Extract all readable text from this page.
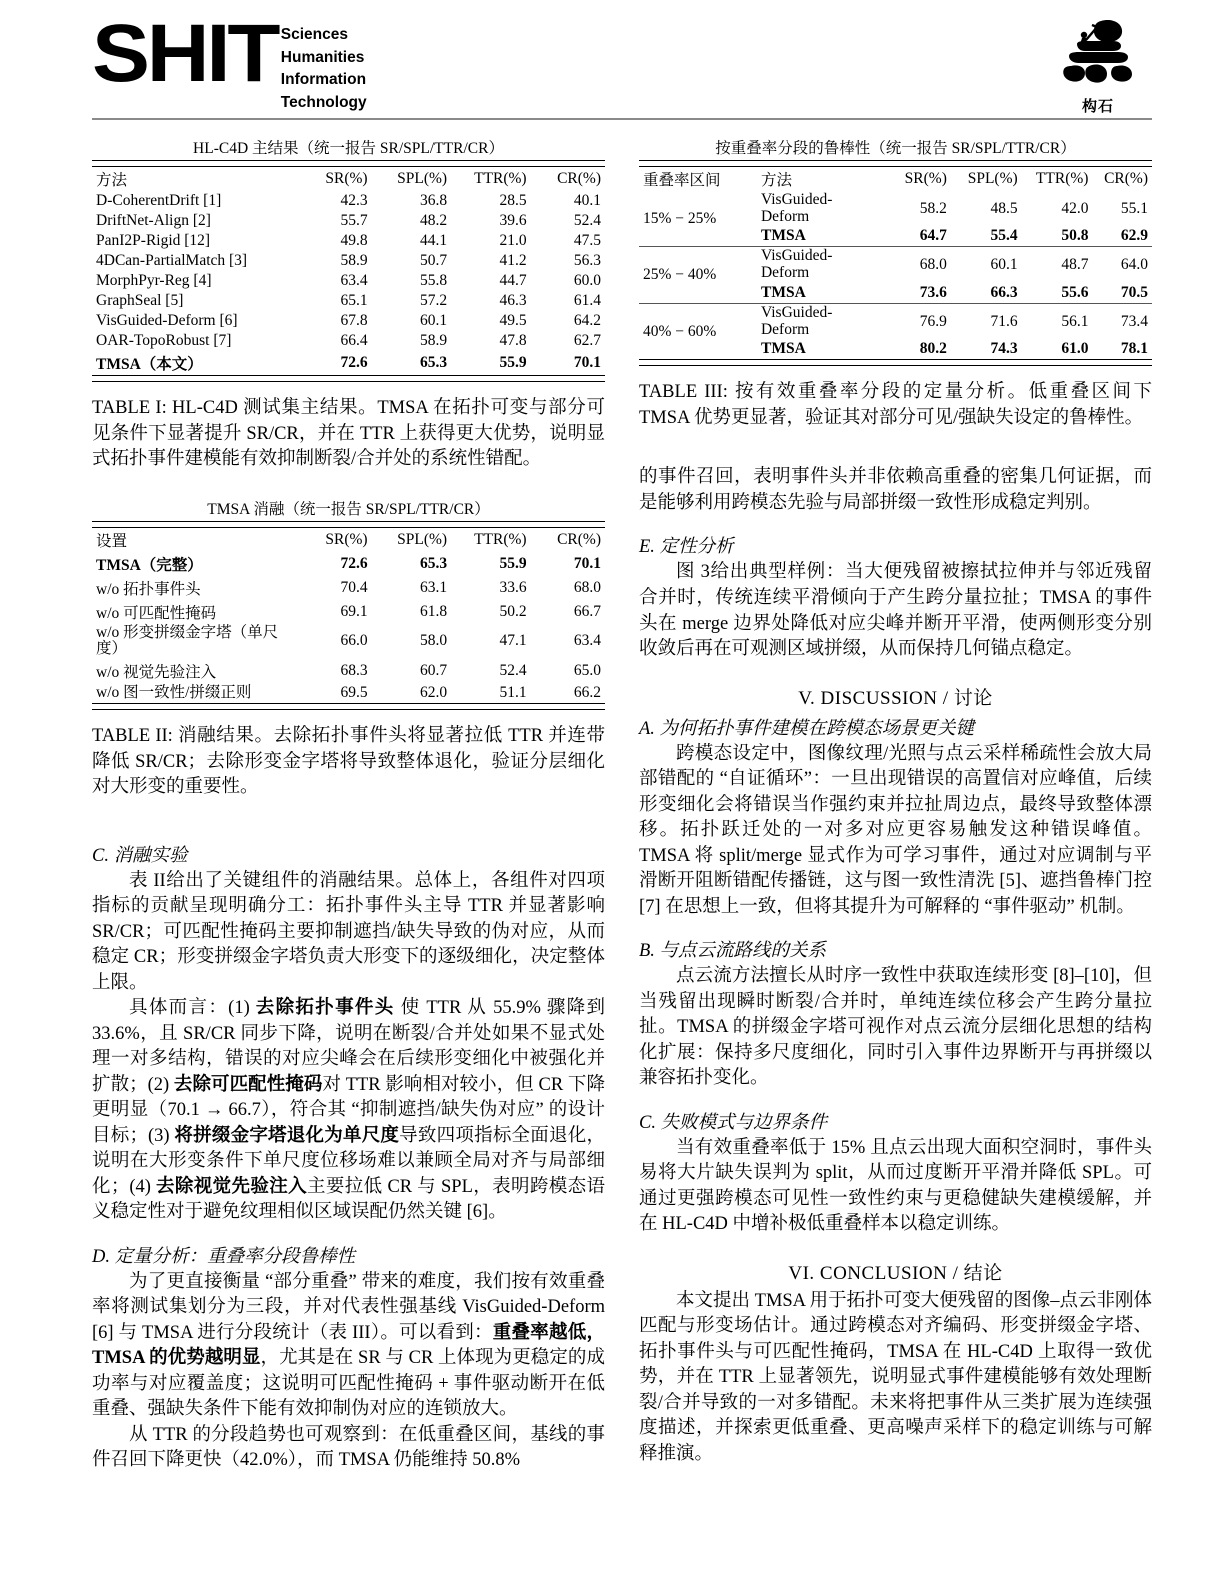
SHIT Sciences
Humanities
Information
Technology	构石
HL-C4D 主结果（统一报告 SR/SPL/TTR/CR）

方法	SR(%)	SPL(%)	TTR(%)	CR(%)
D-CoherentDrift [1]	42.3	36.8	28.5	40.1
DriftNet-Align [2]	55.7	48.2	39.6	52.4
PanI2P-Rigid [12]	49.8	44.1	21.0	47.5
4DCan-PartialMatch [3]	58.9	50.7	41.2	56.3
MorphPyr-Reg [4]	63.4	55.8	44.7	60.0
GraphSeal [5]	65.1	57.2	46.3	61.4
VisGuided-Deform [6]	67.8	60.1	49.5	64.2
OAR-TopoRobust [7]	66.4	58.9	47.8	62.7
TMSA（本文）	72.6	65.3	55.9	70.1

TABLE I: HL-C4D 测试集主结果。TMSA 在拓扑可变与部分可见条件下显著提升 SR/CR，并在 TTR 上获得更大优势，说明显式拓扑事件建模能有效抑制断裂/合并处的系统性错配。

TMSA 消融（统一报告 SR/SPL/TTR/CR）

设置	SR(%)	SPL(%)	TTR(%)	CR(%)
TMSA（完整）	72.6	65.3	55.9	70.1
w/o 拓扑事件头	70.4	63.1	33.6	68.0
w/o 可匹配性掩码	69.1	61.8	50.2	66.7
w/o 形变拼缀金字塔（单尺度）	66.0	58.0	47.1	63.4
w/o 视觉先验注入	68.3	60.7	52.4	65.0
w/o 图一致性/拼缀正则	69.5	62.0	51.1	66.2

TABLE II: 消融结果。去除拓扑事件头将显著拉低 TTR 并连带降低 SR/CR；去除形变金字塔将导致整体退化，验证分层细化对大形变的重要性。

C. 消融实验

表 II给出了关键组件的消融结果。总体上，各组件对四项指标的贡献呈现明确分工：拓扑事件头主导 TTR 并显著影响 SR/CR；可匹配性掩码主要抑制遮挡/缺失导致的伪对应，从而稳定 CR；形变拼缀金字塔负责大形变下的逐级细化，决定整体上限。

具体而言：(1) 去除拓扑事件头 使 TTR 从 55.9% 骤降到 33.6%，且 SR/CR 同步下降，说明在断裂/合并处如果不显式处理一对多结构，错误的对应尖峰会在后续形变细化中被强化并扩散；(2) 去除可匹配性掩码对 TTR 影响相对较小，但 CR 下降更明显（70.1 → 66.7），符合其 “抑制遮挡/缺失伪对应” 的设计目标；(3) 将拼缀金字塔退化为单尺度导致四项指标全面退化，说明在大形变条件下单尺度位移场难以兼顾全局对齐与局部细化；(4) 去除视觉先验注入主要拉低 CR 与 SPL，表明跨模态语义稳定性对于避免纹理相似区域误配仍然关键 [6]。

D. 定量分析：重叠率分段鲁棒性

为了更直接衡量 “部分重叠” 带来的难度，我们按有效重叠率将测试集划分为三段，并对代表性强基线 VisGuided-Deform [6] 与 TMSA 进行分段统计（表 III）。可以看到：重叠率越低，TMSA 的优势越明显，尤其是在 SR 与 CR 上体现为更稳定的成功率与对应覆盖度；这说明可匹配性掩码 + 事件驱动断开在低重叠、强缺失条件下能有效抑制伪对应的连锁放大。

从 TTR 的分段趋势也可观察到：在低重叠区间，基线的事件召回下降更快（42.0%），而 TMSA 仍能维持 50.8%

按重叠率分段的鲁棒性（统一报告 SR/SPL/TTR/CR）

重叠率区间	方法	SR(%)	SPL(%)	TTR(%)	CR(%)
15% − 25%	VisGuided-Deform	58.2	48.5	42.0	55.1
	TMSA	64.7	55.4	50.8	62.9
25% − 40%	VisGuided-Deform	68.0	60.1	48.7	64.0
	TMSA	73.6	66.3	55.6	70.5
40% − 60%	VisGuided-Deform	76.9	71.6	56.1	73.4
	TMSA	80.2	74.3	61.0	78.1

TABLE III: 按有效重叠率分段的定量分析。低重叠区间下 TMSA 优势更显著，验证其对部分可见/强缺失设定的鲁棒性。

的事件召回，表明事件头并非依赖高重叠的密集几何证据，而是能够利用跨模态先验与局部拼缀一致性形成稳定判别。

E. 定性分析

图 3给出典型样例：当大便残留被擦拭拉伸并与邻近残留合并时，传统连续平滑倾向于产生跨分量拉扯；TMSA 的事件头在 merge 边界处降低对应尖峰并断开平滑，使两侧形变分别收敛后再在可观测区域拼缀，从而保持几何锚点稳定。

V. DISCUSSION / 讨论
A. 为何拓扑事件建模在跨模态场景更关键

跨模态设定中，图像纹理/光照与点云采样稀疏性会放大局部错配的 “自证循环”：一旦出现错误的高置信对应峰值，后续形变细化会将错误当作强约束并拉扯周边点，最终导致整体漂移。拓扑跃迁处的一对多对应更容易触发这种错误峰值。TMSA 将 split/merge 显式作为可学习事件，通过对应调制与平滑断开阻断错配传播链，这与图一致性清洗 [5]、遮挡鲁棒门控 [7] 在思想上一致，但将其提升为可解释的 “事件驱动” 机制。

B. 与点云流路线的关系

点云流方法擅长从时序一致性中获取连续形变 [8]–[10]，但当残留出现瞬时断裂/合并时，单纯连续位移会产生跨分量拉扯。TMSA 的拼缀金字塔可视作对点云流分层细化思想的结构化扩展：保持多尺度细化，同时引入事件边界断开与再拼缀以兼容拓扑变化。

C. 失败模式与边界条件

当有效重叠率低于 15% 且点云出现大面积空洞时，事件头易将大片缺失误判为 split，从而过度断开平滑并降低 SPL。可通过更强跨模态可见性一致性约束与更稳健缺失建模缓解，并在 HL-C4D 中增补极低重叠样本以稳定训练。

VI. CONCLUSION / 结论

本文提出 TMSA 用于拓扑可变大便残留的图像–点云非刚体匹配与形变场估计。通过跨模态对齐编码、形变拼缀金字塔、拓扑事件头与可匹配性掩码，TMSA 在 HL-C4D 上取得一致优势，并在 TTR 上显著领先，说明显式事件建模能够有效处理断裂/合并导致的一对多错配。未来将把事件从三类扩展为连续强度描述，并探索更低重叠、更高噪声采样下的稳定训练与可解释推演。
